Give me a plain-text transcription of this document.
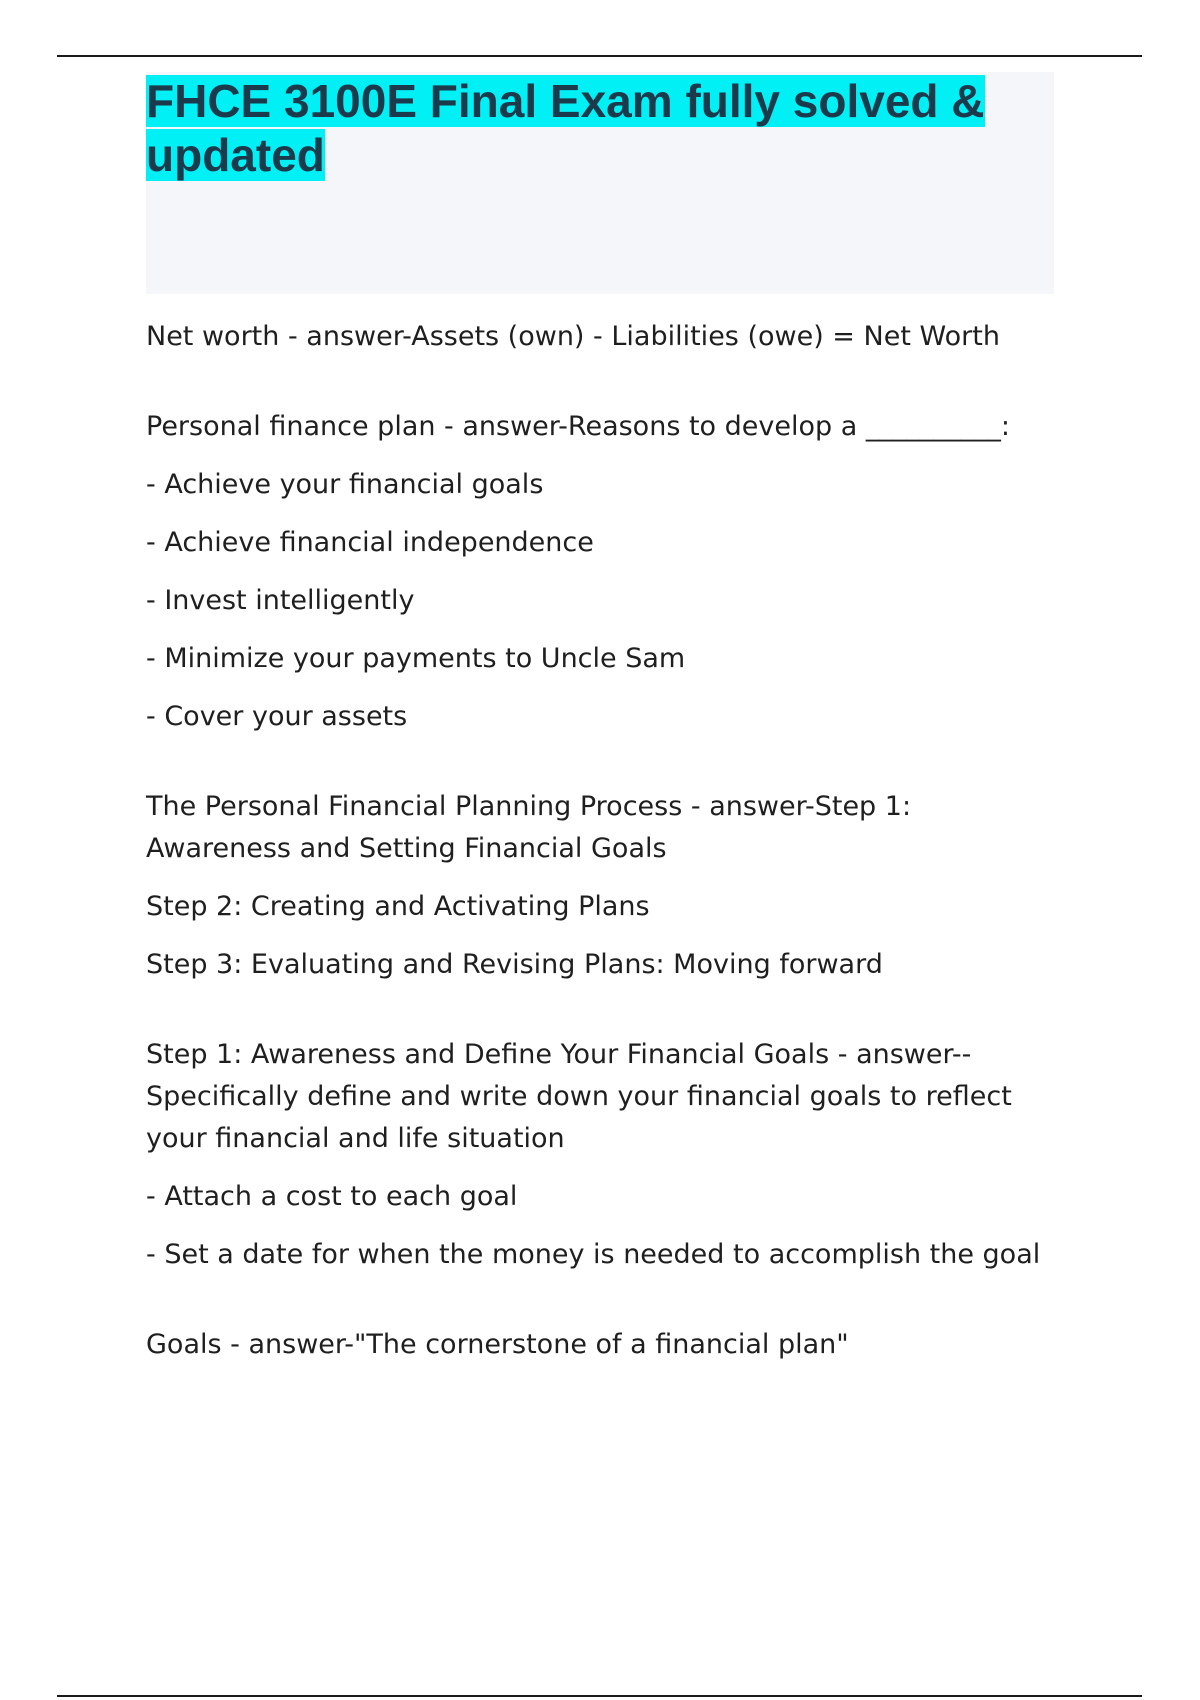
FHCE 3100E Final Exam fully solved & updated

Net worth - answer-Assets (own) - Liabilities (owe) = Net Worth

Personal finance plan - answer-Reasons to develop a __________:

- Achieve your financial goals

- Achieve financial independence

- Invest intelligently

- Minimize your payments to Uncle Sam

- Cover your assets

The Personal Financial Planning Process - answer-Step 1: Awareness and Setting Financial Goals

Step 2: Creating and Activating Plans

Step 3: Evaluating and Revising Plans: Moving forward

Step 1: Awareness and Define Your Financial Goals - answer--Specifically define and write down your financial goals to reflect your financial and life situation

- Attach a cost to each goal

- Set a date for when the money is needed to accomplish the goal

Goals - answer-"The cornerstone of a financial plan"
